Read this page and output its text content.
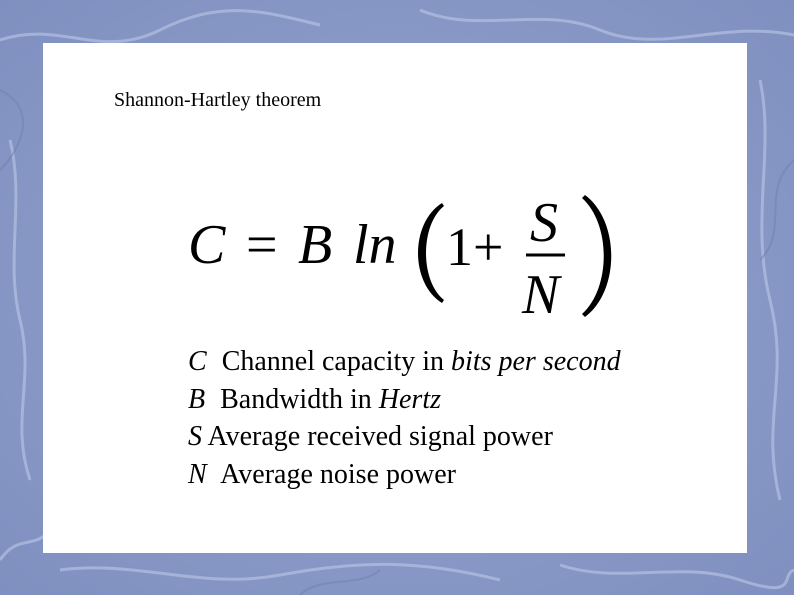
Shannon-Hartley theorem
C = B ln 1+ S
N
C Channel capacity in bits per second
B Bandwidth in Hertz
S Average received signal power
N Average noise power
